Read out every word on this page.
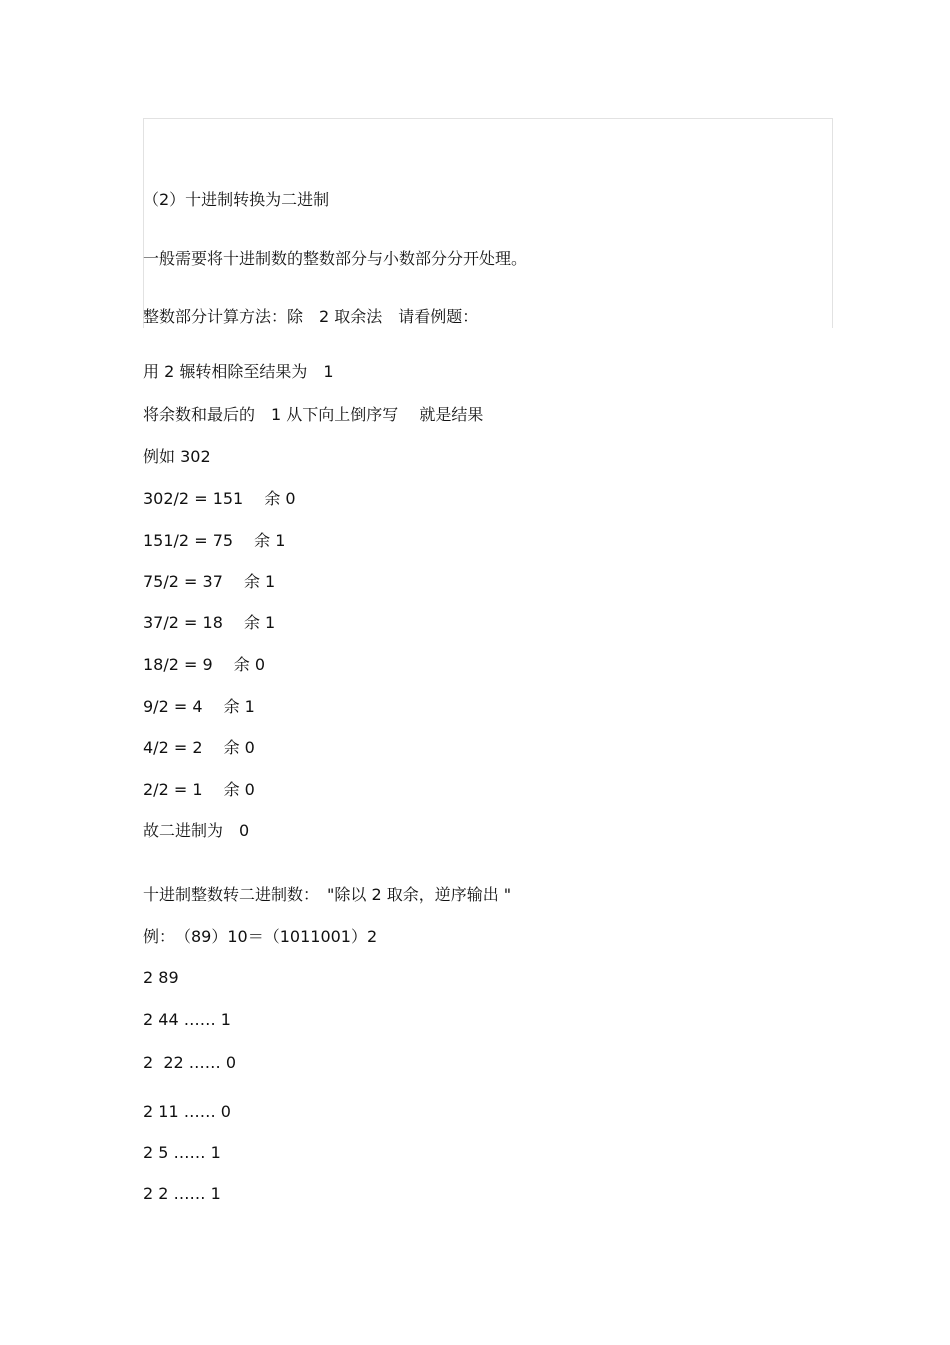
（2）十进制转换为二进制

一般需要将十进制数的整数部分与小数部分分开处理。

整数部分计算方法：除　2 取余法　请看例题：

用 2 辗转相除至结果为　1

将余数和最后的　1 从下向上倒序写　 就是结果

例如 302

302/2 = 151　 余 0

151/2 = 75　 余 1

75/2 = 37　 余 1

37/2 = 18　 余 1

18/2 = 9　 余 0

9/2 = 4　 余 1

4/2 = 2　 余 0

2/2 = 1　 余 0

故二进制为　0

十进制整数转二进制数：　"除以 2 取余，逆序输出 "

例：　（89）10＝（1011001）2

2 89

2 44 …… 1

2  22 …… 0

2 11 …… 0

2 5 …… 1

2 2 …… 1
